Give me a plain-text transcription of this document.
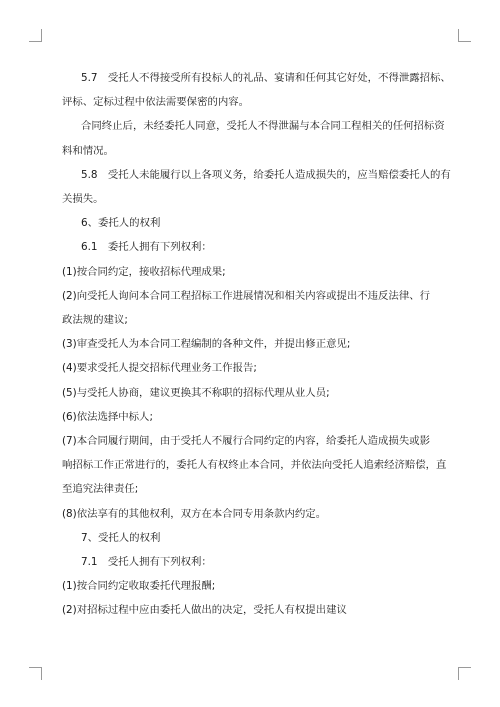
5.7　受托人不得接受所有投标人的礼品、宴请和任何其它好处，不得泄露招标、

评标、定标过程中依法需要保密的内容。

合同终止后，未经委托人同意，受托人不得泄漏与本合同工程相关的任何招标资

料和情况。

5.8　受托人未能履行以上各项义务，给委托人造成损失的，应当赔偿委托人的有

关损失。

6、委托人的权利

6.1　委托人拥有下列权利：

(1)按合同约定，接收招标代理成果;

(2)向受托人询问本合同工程招标工作进展情况和相关内容或提出不违反法律、行

政法规的建议;

(3)审查受托人为本合同工程编制的各种文件，并提出修正意见;

(4)要求受托人提交招标代理业务工作报告;

(5)与受托人协商，建议更换其不称职的招标代理从业人员;

(6)依法选择中标人;

(7)本合同履行期间，由于受托人不履行合同约定的内容，给委托人造成损失或影

响招标工作正常进行的，委托人有权终止本合同，并依法向受托人追索经济赔偿，直

至追究法律责任;

(8)依法享有的其他权利，双方在本合同专用条款内约定。

7、受托人的权利

7.1　受托人拥有下列权利：

(1)按合同约定收取委托代理报酬;

(2)对招标过程中应由委托人做出的决定，受托人有权提出建议
